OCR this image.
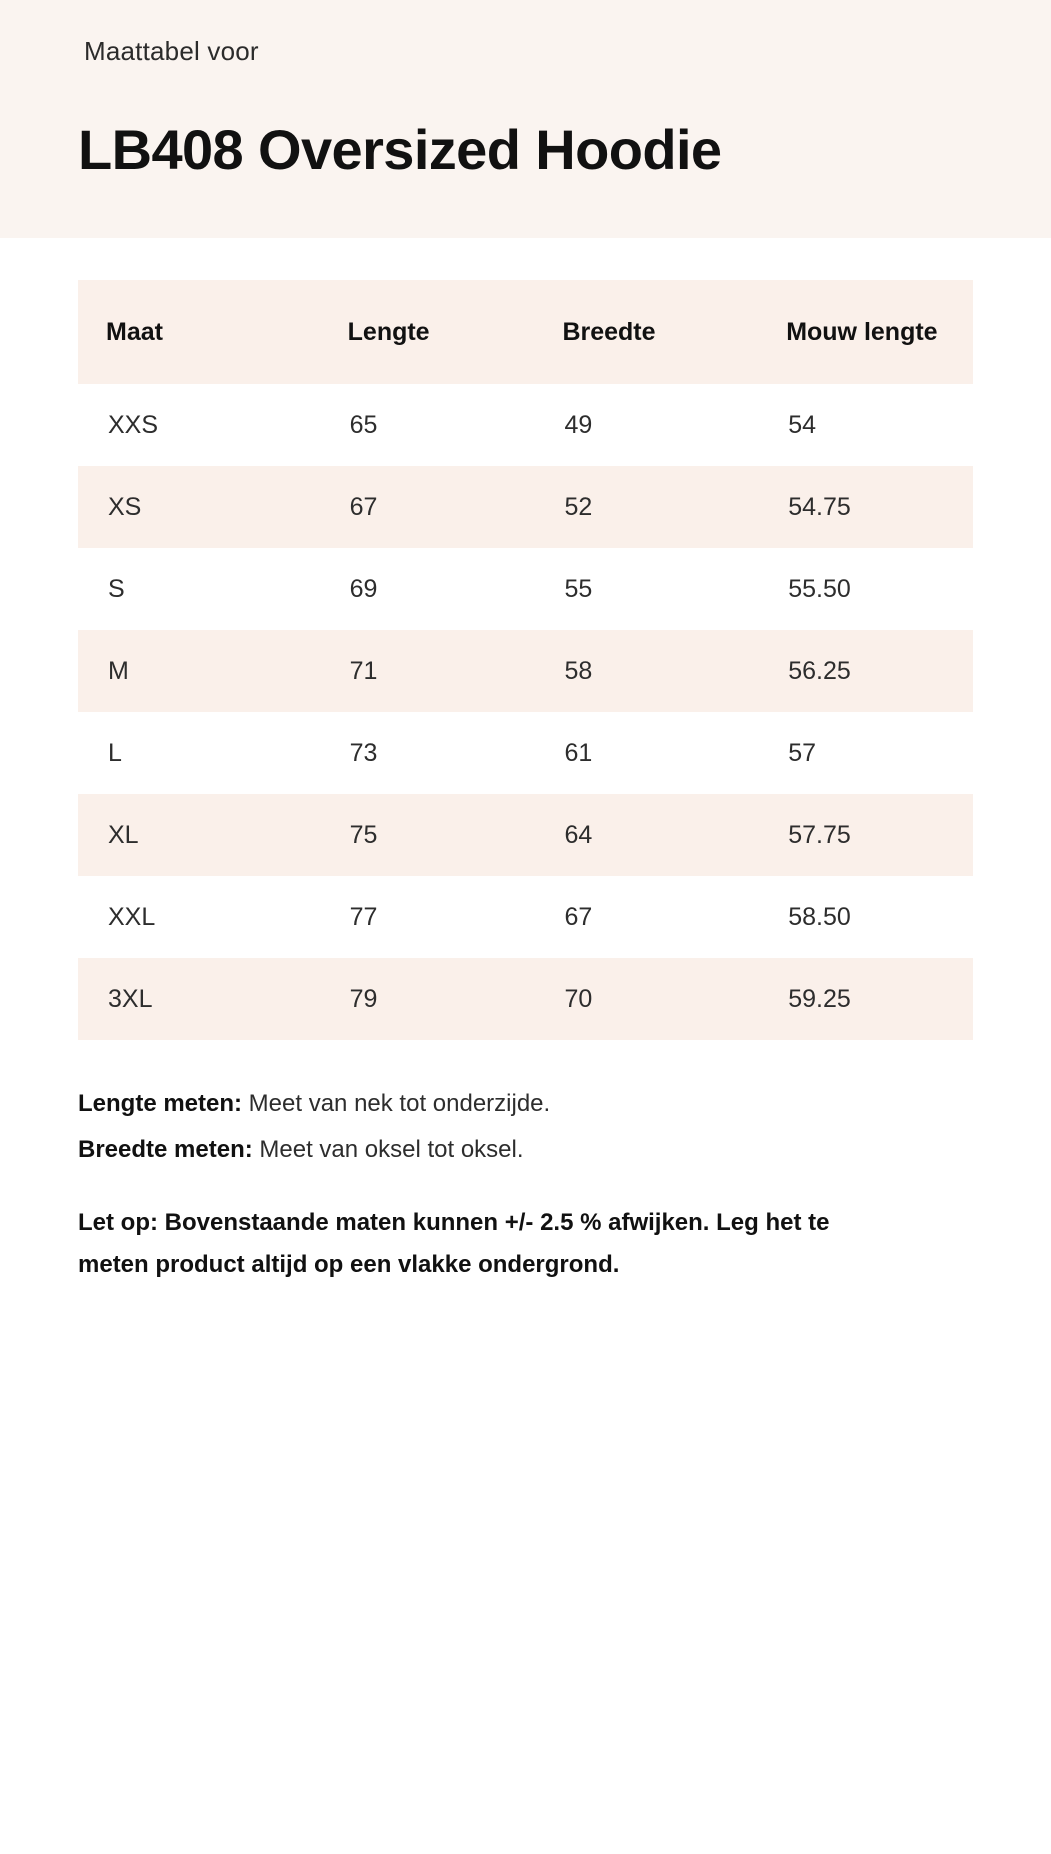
Maattabel voor
LB408 Oversized Hoodie
Maat	Lengte	Breedte	Mouw lengte
XXS	65	49	54
XS	67	52	54.75
S	69	55	55.50
M	71	58	56.25
L	73	61	57
XL	75	64	57.75
XXL	77	67	58.50
3XL	79	70	59.25
Lengte meten: Meet van nek tot onderzijde.
Breedte meten: Meet van oksel tot oksel.
Let op: Bovenstaande maten kunnen +/- 2.5 % afwijken. Leg het te meten product altijd op een vlakke ondergrond.
